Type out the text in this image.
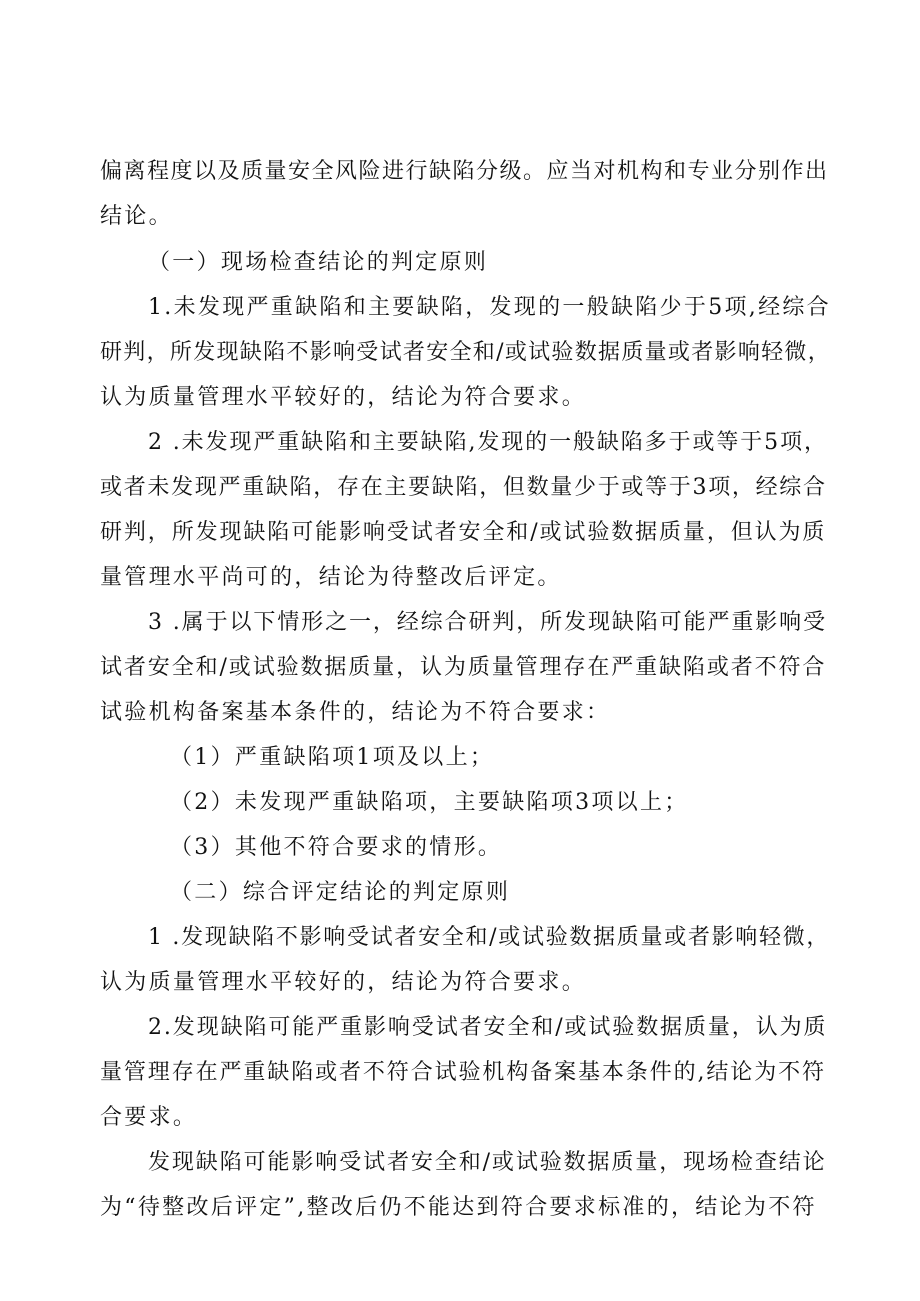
偏离程度以及质量安全风险进行缺陷分级。应当对机构和专业分别作出
结论。
（一）现场检查结论的判定原则
1.未发现严重缺陷和主要缺陷，发现的一般缺陷少于5项,经综合
研判，所发现缺陷不影响受试者安全和/或试验数据质量或者影响轻微，
认为质量管理水平较好的，结论为符合要求。
2 .未发现严重缺陷和主要缺陷,发现的一般缺陷多于或等于5项，
或者未发现严重缺陷，存在主要缺陷，但数量少于或等于3项，经综合
研判，所发现缺陷可能影响受试者安全和/或试验数据质量，但认为质
量管理水平尚可的，结论为待整改后评定。
3 .属于以下情形之一，经综合研判，所发现缺陷可能严重影响受
试者安全和/或试验数据质量，认为质量管理存在严重缺陷或者不符合
试验机构备案基本条件的，结论为不符合要求：
（1）严重缺陷项1项及以上；
（2）未发现严重缺陷项，主要缺陷项3项以上；
（3）其他不符合要求的情形。
（二）综合评定结论的判定原则
1 .发现缺陷不影响受试者安全和/或试验数据质量或者影响轻微，
认为质量管理水平较好的，结论为符合要求。
2.发现缺陷可能严重影响受试者安全和/或试验数据质量，认为质
量管理存在严重缺陷或者不符合试验机构备案基本条件的,结论为不符
合要求。
发现缺陷可能影响受试者安全和/或试验数据质量，现场检查结论
为“待整改后评定”,整改后仍不能达到符合要求标准的，结论为不符
